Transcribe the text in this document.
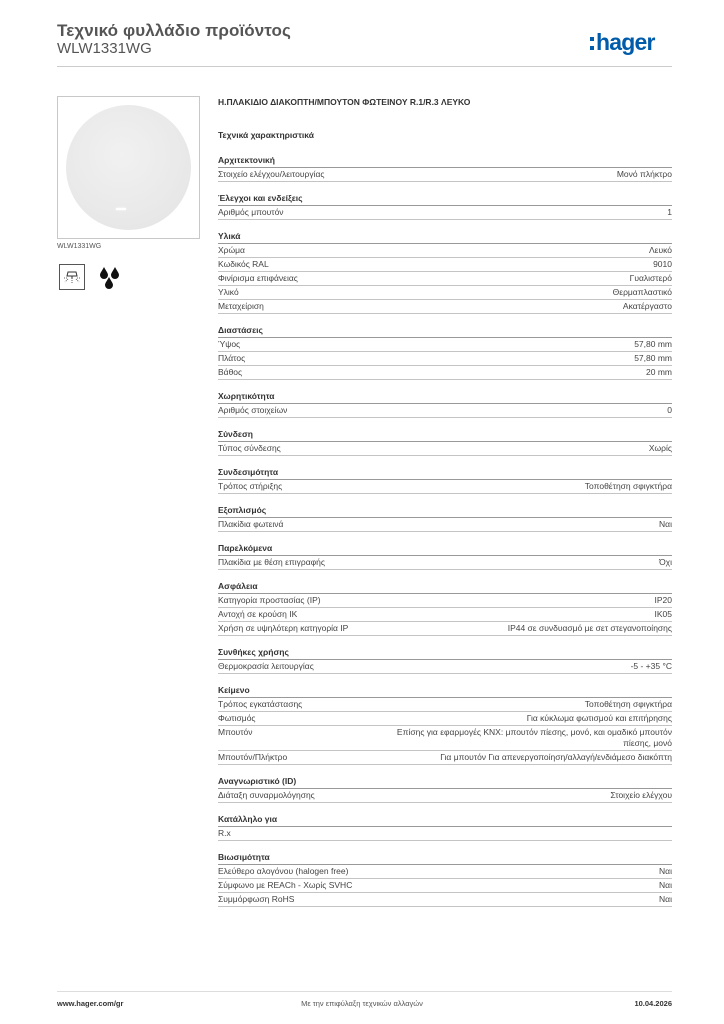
Τεχνικό φυλλάδιο προϊόντος
WLW1331WG	hager
WLW1331WG
Η.ΠΛΑΚΙΔΙΟ ΔΙΑΚΟΠΤΗ/ΜΠΟΥΤΟΝ ΦΩΤΕΙΝΟΥ R.1/R.3 ΛΕΥΚΟ
Τεχνικά χαρακτηριστικά
Αρχιτεκτονική
Στοιχείο ελέγχου/λειτουργίας	Μονό πλήκτρο
Έλεγχοι και ενδείξεις
Αριθμός μπουτόν	1
Υλικά
Χρώμα	Λευκό
Κωδικός RAL	9010
Φινίρισμα επιφάνειας	Γυαλιστερό
Υλικό	Θερμαπλαστικό
Μεταχείριση	Ακατέργαστο
Διαστάσεις
Ύψος	57,80 mm
Πλάτος	57,80 mm
Βάθος	20 mm
Χωρητικότητα
Αριθμός στοιχείων	0
Σύνδεση
Τύπος σύνδεσης	Χωρίς
Συνδεσιμότητα
Τρόπος στήριξης	Τοποθέτηση σφιγκτήρα
Εξοπλισμός
Πλακίδια φωτεινά	Ναι
Παρελκόμενα
Πλακίδια με θέση επιγραφής	Όχι
Ασφάλεια
Κατηγορία προστασίας (IP)	IP20
Αντοχή σε κρούση IK	IK05
Χρήση σε υψηλότερη κατηγορία IP	IP44 σε συνδυασμό με σετ στεγανοποίησης
Συνθήκες χρήσης
Θερμοκρασία λειτουργίας	-5 - +35 °C
Κείμενο
Τρόπος εγκατάστασης	Τοποθέτηση σφιγκτήρα
Φωτισμός	Για κύκλωμα φωτισμού και επιτήρησης
Μπουτόν	Επίσης για εφαρμογές KNX: μπουτόν πίεσης, μονό, και ομαδικό μπουτόν πίεσης, μονό
Μπουτόν/Πλήκτρο	Για μπουτόν Για απενεργοποίηση/αλλαγή/ενδιάμεσο διακόπτη
Αναγνωριστικό (ID)
Διάταξη συναρμολόγησης	Στοιχείο ελέγχου
Κατάλληλο για
R.x
Βιωσιμότητα
Ελεύθερο αλογόνου (halogen free)	Ναι
Σύμφωνο με REACh - Χωρίς SVHC	Ναι
Συμμόρφωση RoHS	Ναι
www.hager.com/gr	Με την επιφύλαξη τεχνικών αλλαγών	10.04.2026
